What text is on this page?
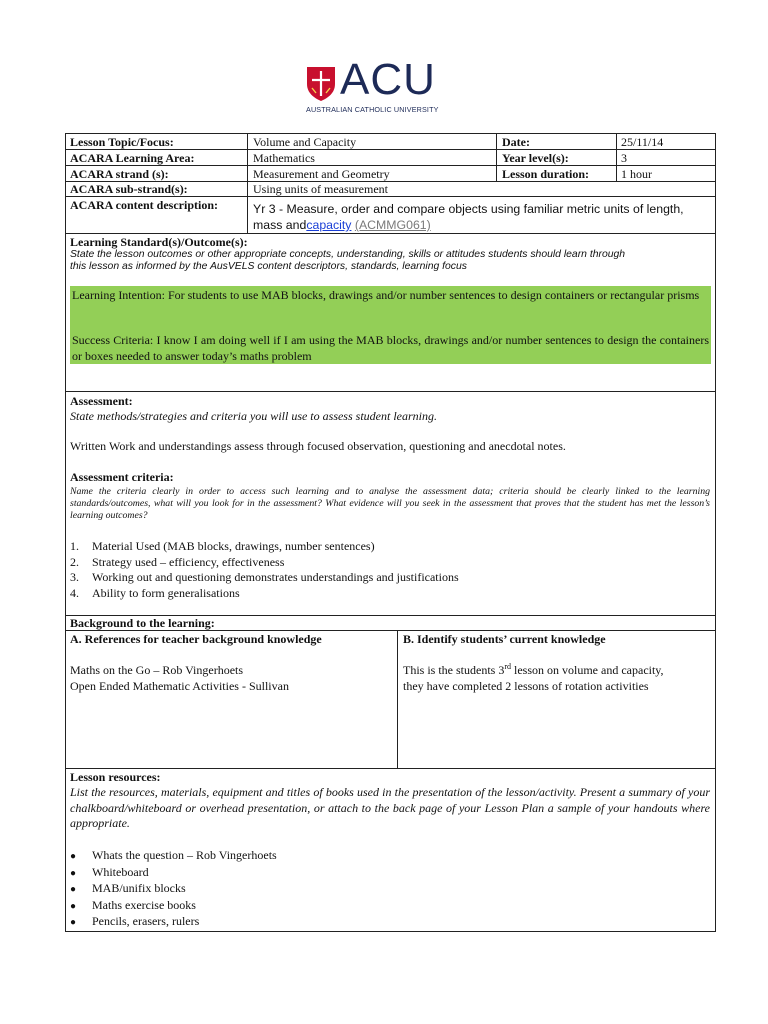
ACU
AUSTRALIAN CATHOLIC UNIVERSITY
Lesson Topic/Focus:	Volume and Capacity	Date:	25/11/14
ACARA Learning Area:	Mathematics	Year level(s):	3
ACARA strand (s):	Measurement and Geometry	Lesson duration:	1 hour
ACARA sub-strand(s):	Using units of measurement
ACARA content description:	Yr 3 - Measure, order and compare objects using familiar metric units of length,
mass andcapacity (ACMMG061)
Learning Standard(s)/Outcome(s):
State the lesson outcomes or other appropriate concepts, understanding, skills or attitudes students should learn through
this lesson as informed by the AusVELS content descriptors, standards, learning focus
Learning Intention: For students to use MAB blocks, drawings and/or number sentences to design containers or rectangular prisms
Success Criteria: I know I am doing well if I am using the MAB blocks, drawings and/or number sentences to design the containers or boxes needed to answer today’s maths problem
Assessment:
State methods/strategies and criteria you will use to assess student learning.
Written Work and understandings assess through focused observation, questioning and anecdotal notes.
Assessment criteria:
Name the criteria clearly in order to access such learning and to analyse the assessment data; criteria should be clearly linked to the learning standards/outcomes, what will you look for in the assessment? What evidence will you seek in the assessment that proves that the student has met the lesson’s learning outcomes?
1. Material Used (MAB blocks, drawings, number sentences)
2. Strategy used – efficiency, effectiveness
3. Working out and questioning demonstrates understandings and justifications
4. Ability to form generalisations
Background to the learning:
A. References for teacher background knowledge
Maths on the Go – Rob Vingerhoets
Open Ended Mathematic Activities - Sullivan
B. Identify students’ current knowledge
This is the students 3rd lesson on volume and capacity,
they have completed 2 lessons of rotation activities
Lesson resources:
List the resources, materials, equipment and titles of books used in the presentation of the lesson/activity. Present a summary of your chalkboard/whiteboard or overhead presentation, or attach to the back page of your Lesson Plan a sample of your handouts where appropriate.
● Whats the question – Rob Vingerhoets
● Whiteboard
● MAB/unifix blocks
● Maths exercise books
● Pencils, erasers, rulers
